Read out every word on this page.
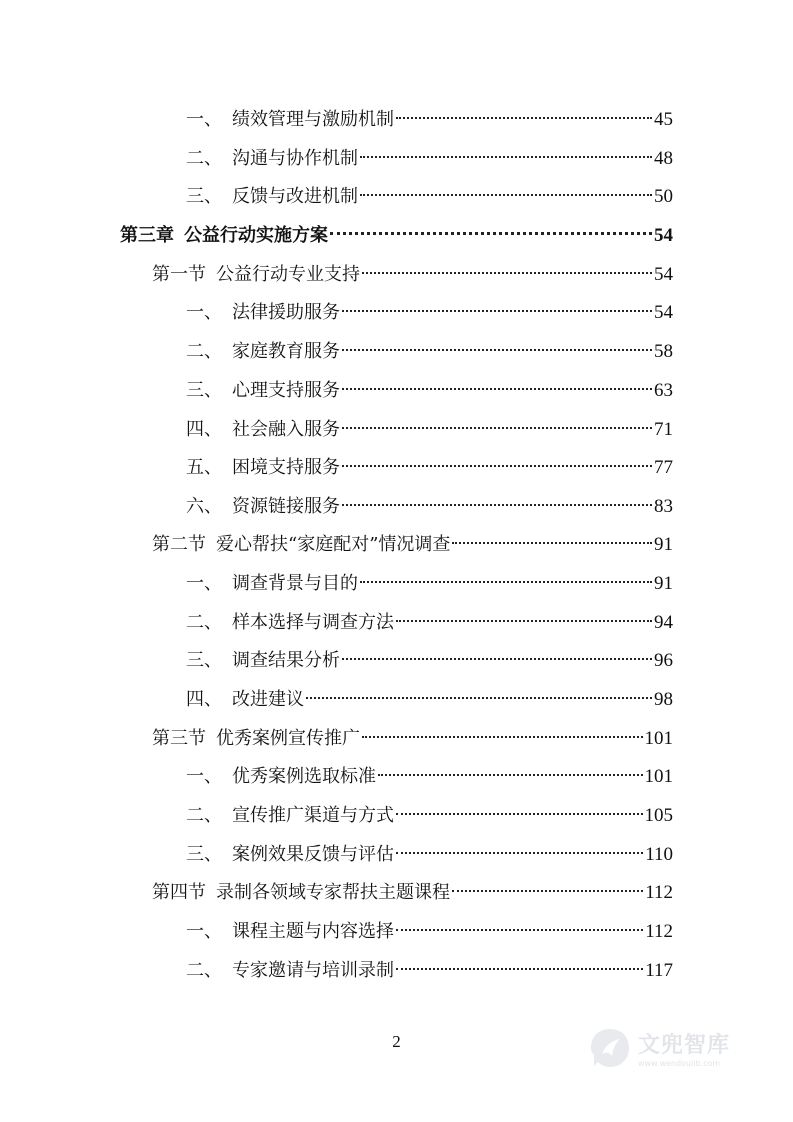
一、 绩效管理与激励机制	45
二、 沟通与协作机制	48
三、 反馈与改进机制	50
第三章 公益行动实施方案	54
第一节 公益行动专业支持	54
一、 法律援助服务	54
二、 家庭教育服务	58
三、 心理支持服务	63
四、 社会融入服务	71
五、 困境支持服务	77
六、 资源链接服务	83
第二节 爱心帮扶“家庭配对”情况调查	91
一、 调查背景与目的	91
二、 样本选择与调查方法	94
三、 调查结果分析	96
四、 改进建议	98
第三节 优秀案例宣传推广	101
一、 优秀案例选取标准	101
二、 宣传推广渠道与方式	105
三、 案例效果反馈与评估	110
第四节 录制各领域专家帮扶主题课程	112
一、 课程主题与内容选择	112
二、 专家邀请与培训录制	117
2	文兜智库
www.wendoulib.com
